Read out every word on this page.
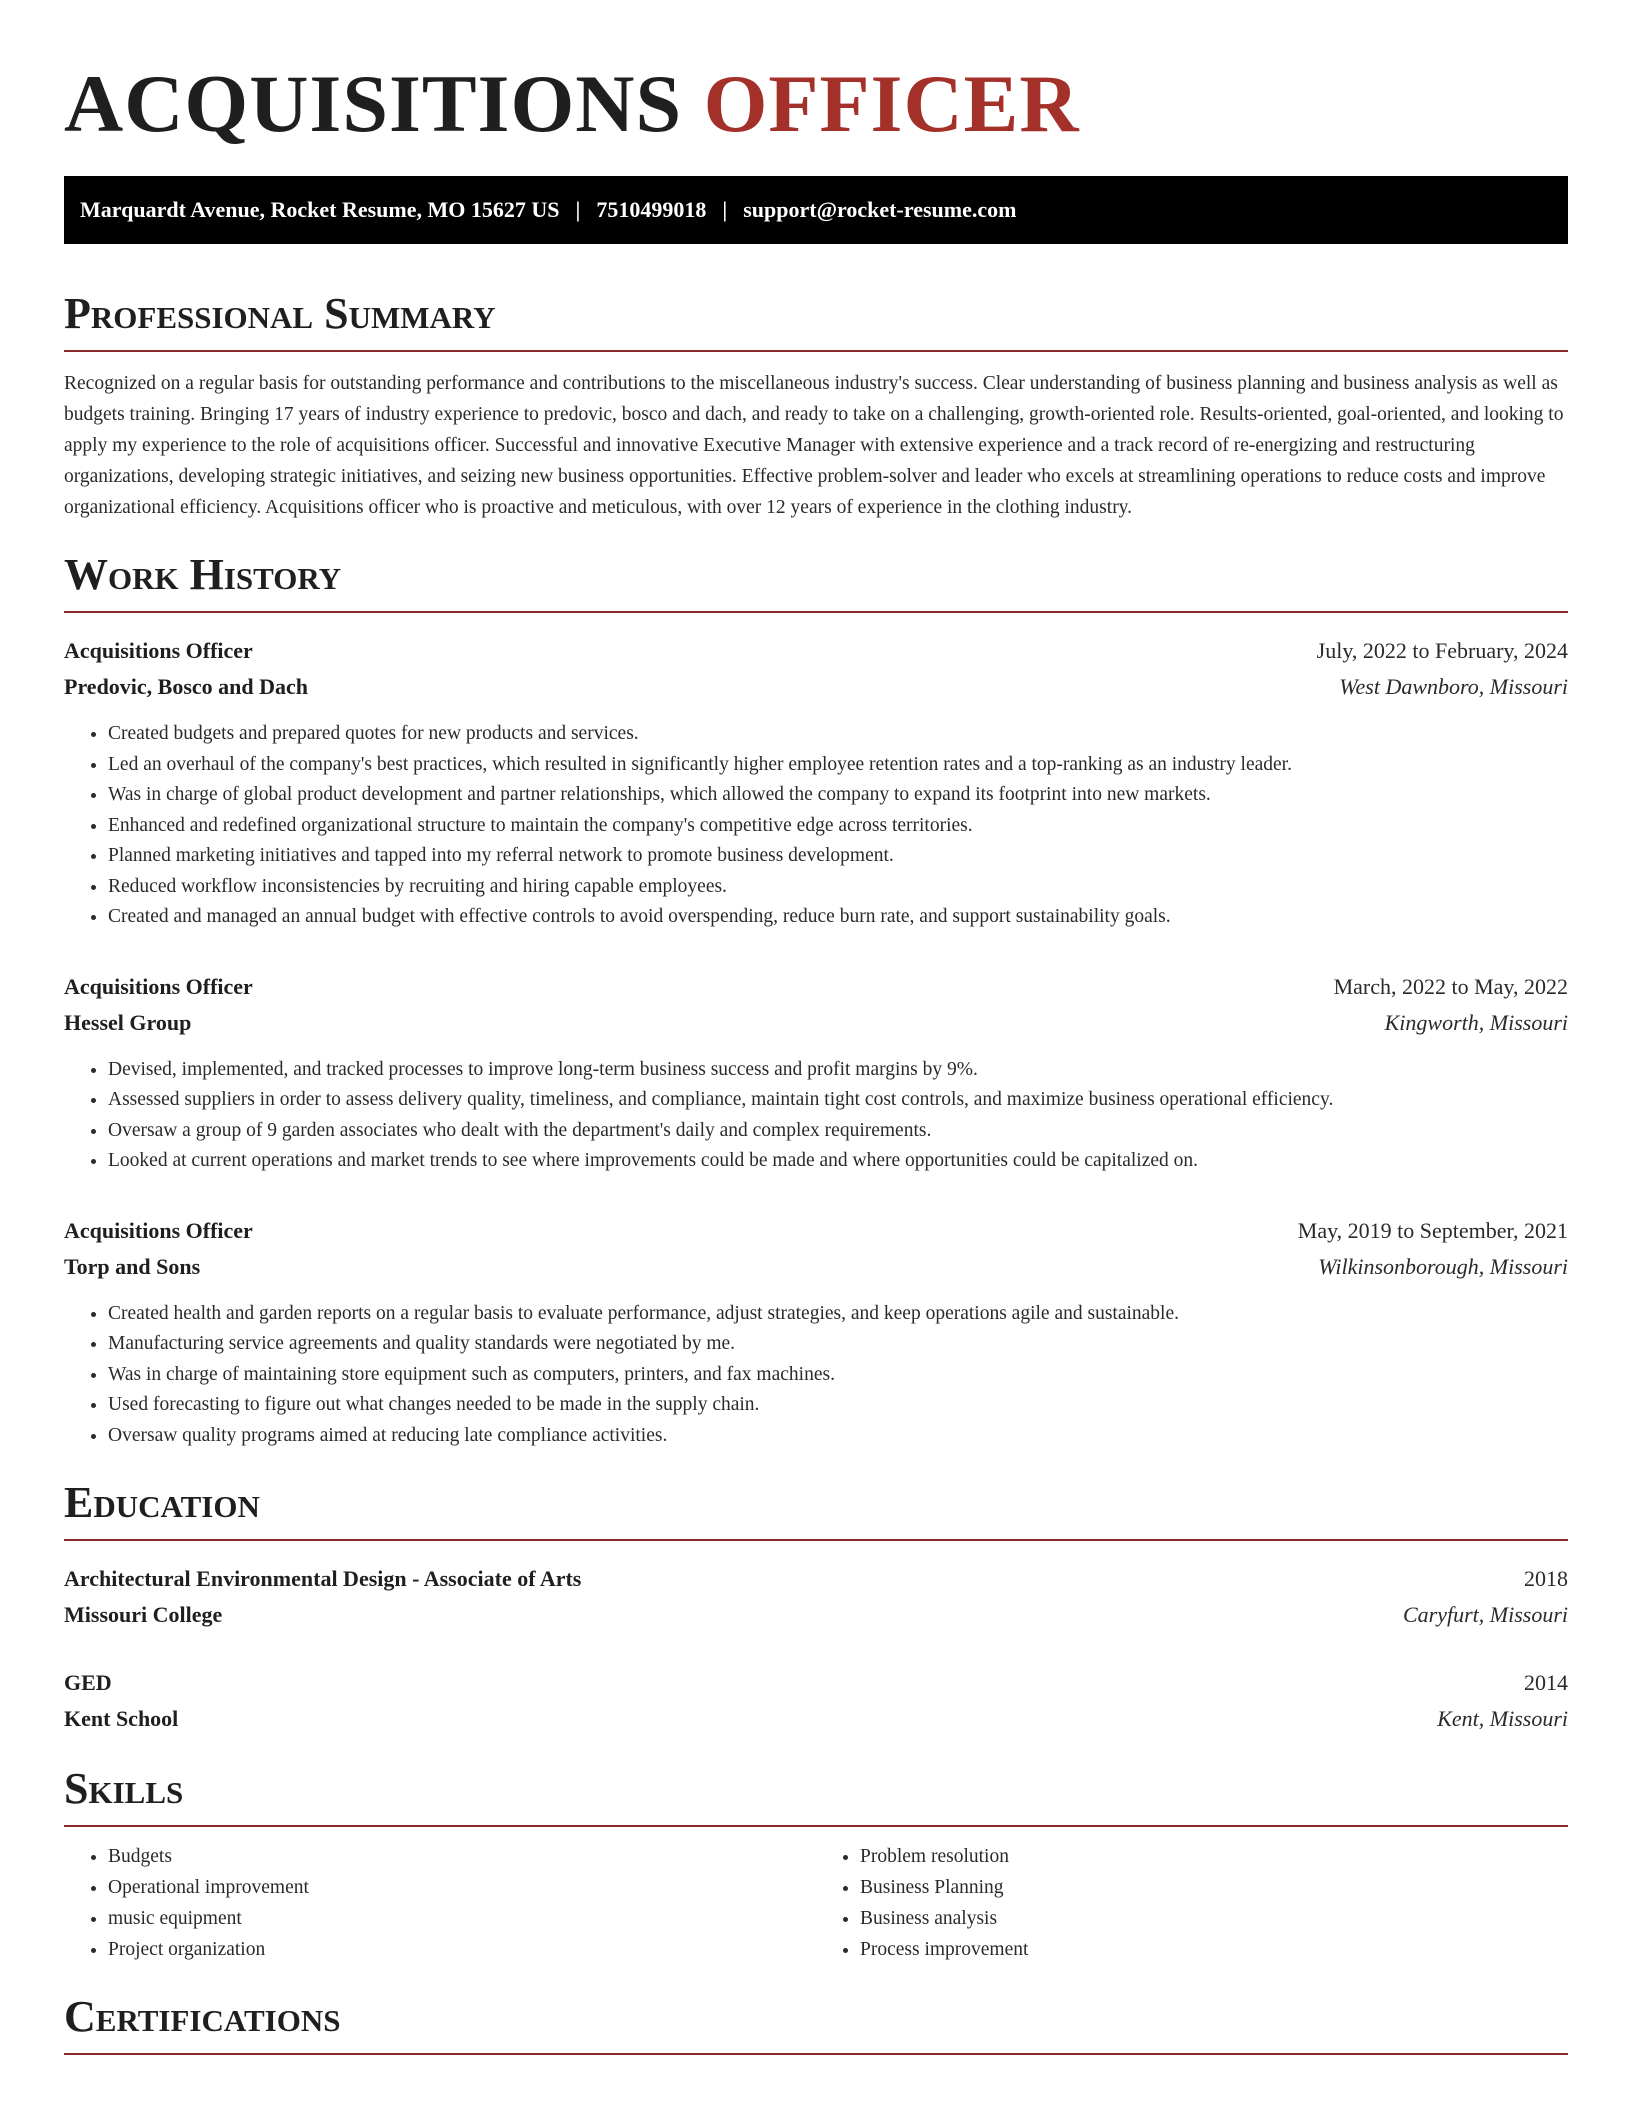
ACQUISITIONS OFFICER
Marquardt Avenue, Rocket Resume, MO 15627 US | 7510499018 | support@rocket-resume.com
Professional Summary
Recognized on a regular basis for outstanding performance and contributions to the miscellaneous industry's success. Clear understanding of business planning and business analysis as well as budgets training. Bringing 17 years of industry experience to predovic, bosco and dach, and ready to take on a challenging, growth-oriented role. Results-oriented, goal-oriented, and looking to apply my experience to the role of acquisitions officer. Successful and innovative Executive Manager with extensive experience and a track record of re-energizing and restructuring organizations, developing strategic initiatives, and seizing new business opportunities. Effective problem-solver and leader who excels at streamlining operations to reduce costs and improve organizational efficiency. Acquisitions officer who is proactive and meticulous, with over 12 years of experience in the clothing industry.
Work History
Acquisitions Officer	July, 2022 to February, 2024
Predovic, Bosco and Dach	West Dawnboro, Missouri
• Created budgets and prepared quotes for new products and services.
• Led an overhaul of the company's best practices, which resulted in significantly higher employee retention rates and a top-ranking as an industry leader.
• Was in charge of global product development and partner relationships, which allowed the company to expand its footprint into new markets.
• Enhanced and redefined organizational structure to maintain the company's competitive edge across territories.
• Planned marketing initiatives and tapped into my referral network to promote business development.
• Reduced workflow inconsistencies by recruiting and hiring capable employees.
• Created and managed an annual budget with effective controls to avoid overspending, reduce burn rate, and support sustainability goals.
Acquisitions Officer	March, 2022 to May, 2022
Hessel Group	Kingworth, Missouri
• Devised, implemented, and tracked processes to improve long-term business success and profit margins by 9%.
• Assessed suppliers in order to assess delivery quality, timeliness, and compliance, maintain tight cost controls, and maximize business operational efficiency.
• Oversaw a group of 9 garden associates who dealt with the department's daily and complex requirements.
• Looked at current operations and market trends to see where improvements could be made and where opportunities could be capitalized on.
Acquisitions Officer	May, 2019 to September, 2021
Torp and Sons	Wilkinsonborough, Missouri
• Created health and garden reports on a regular basis to evaluate performance, adjust strategies, and keep operations agile and sustainable.
• Manufacturing service agreements and quality standards were negotiated by me.
• Was in charge of maintaining store equipment such as computers, printers, and fax machines.
• Used forecasting to figure out what changes needed to be made in the supply chain.
• Oversaw quality programs aimed at reducing late compliance activities.
Education
Architectural Environmental Design - Associate of Arts	2018
Missouri College	Caryfurt, Missouri
GED	2014
Kent School	Kent, Missouri
Skills
• Budgets
• Operational improvement
• music equipment
• Project organization
• Problem resolution
• Business Planning
• Business analysis
• Process improvement
Certifications
